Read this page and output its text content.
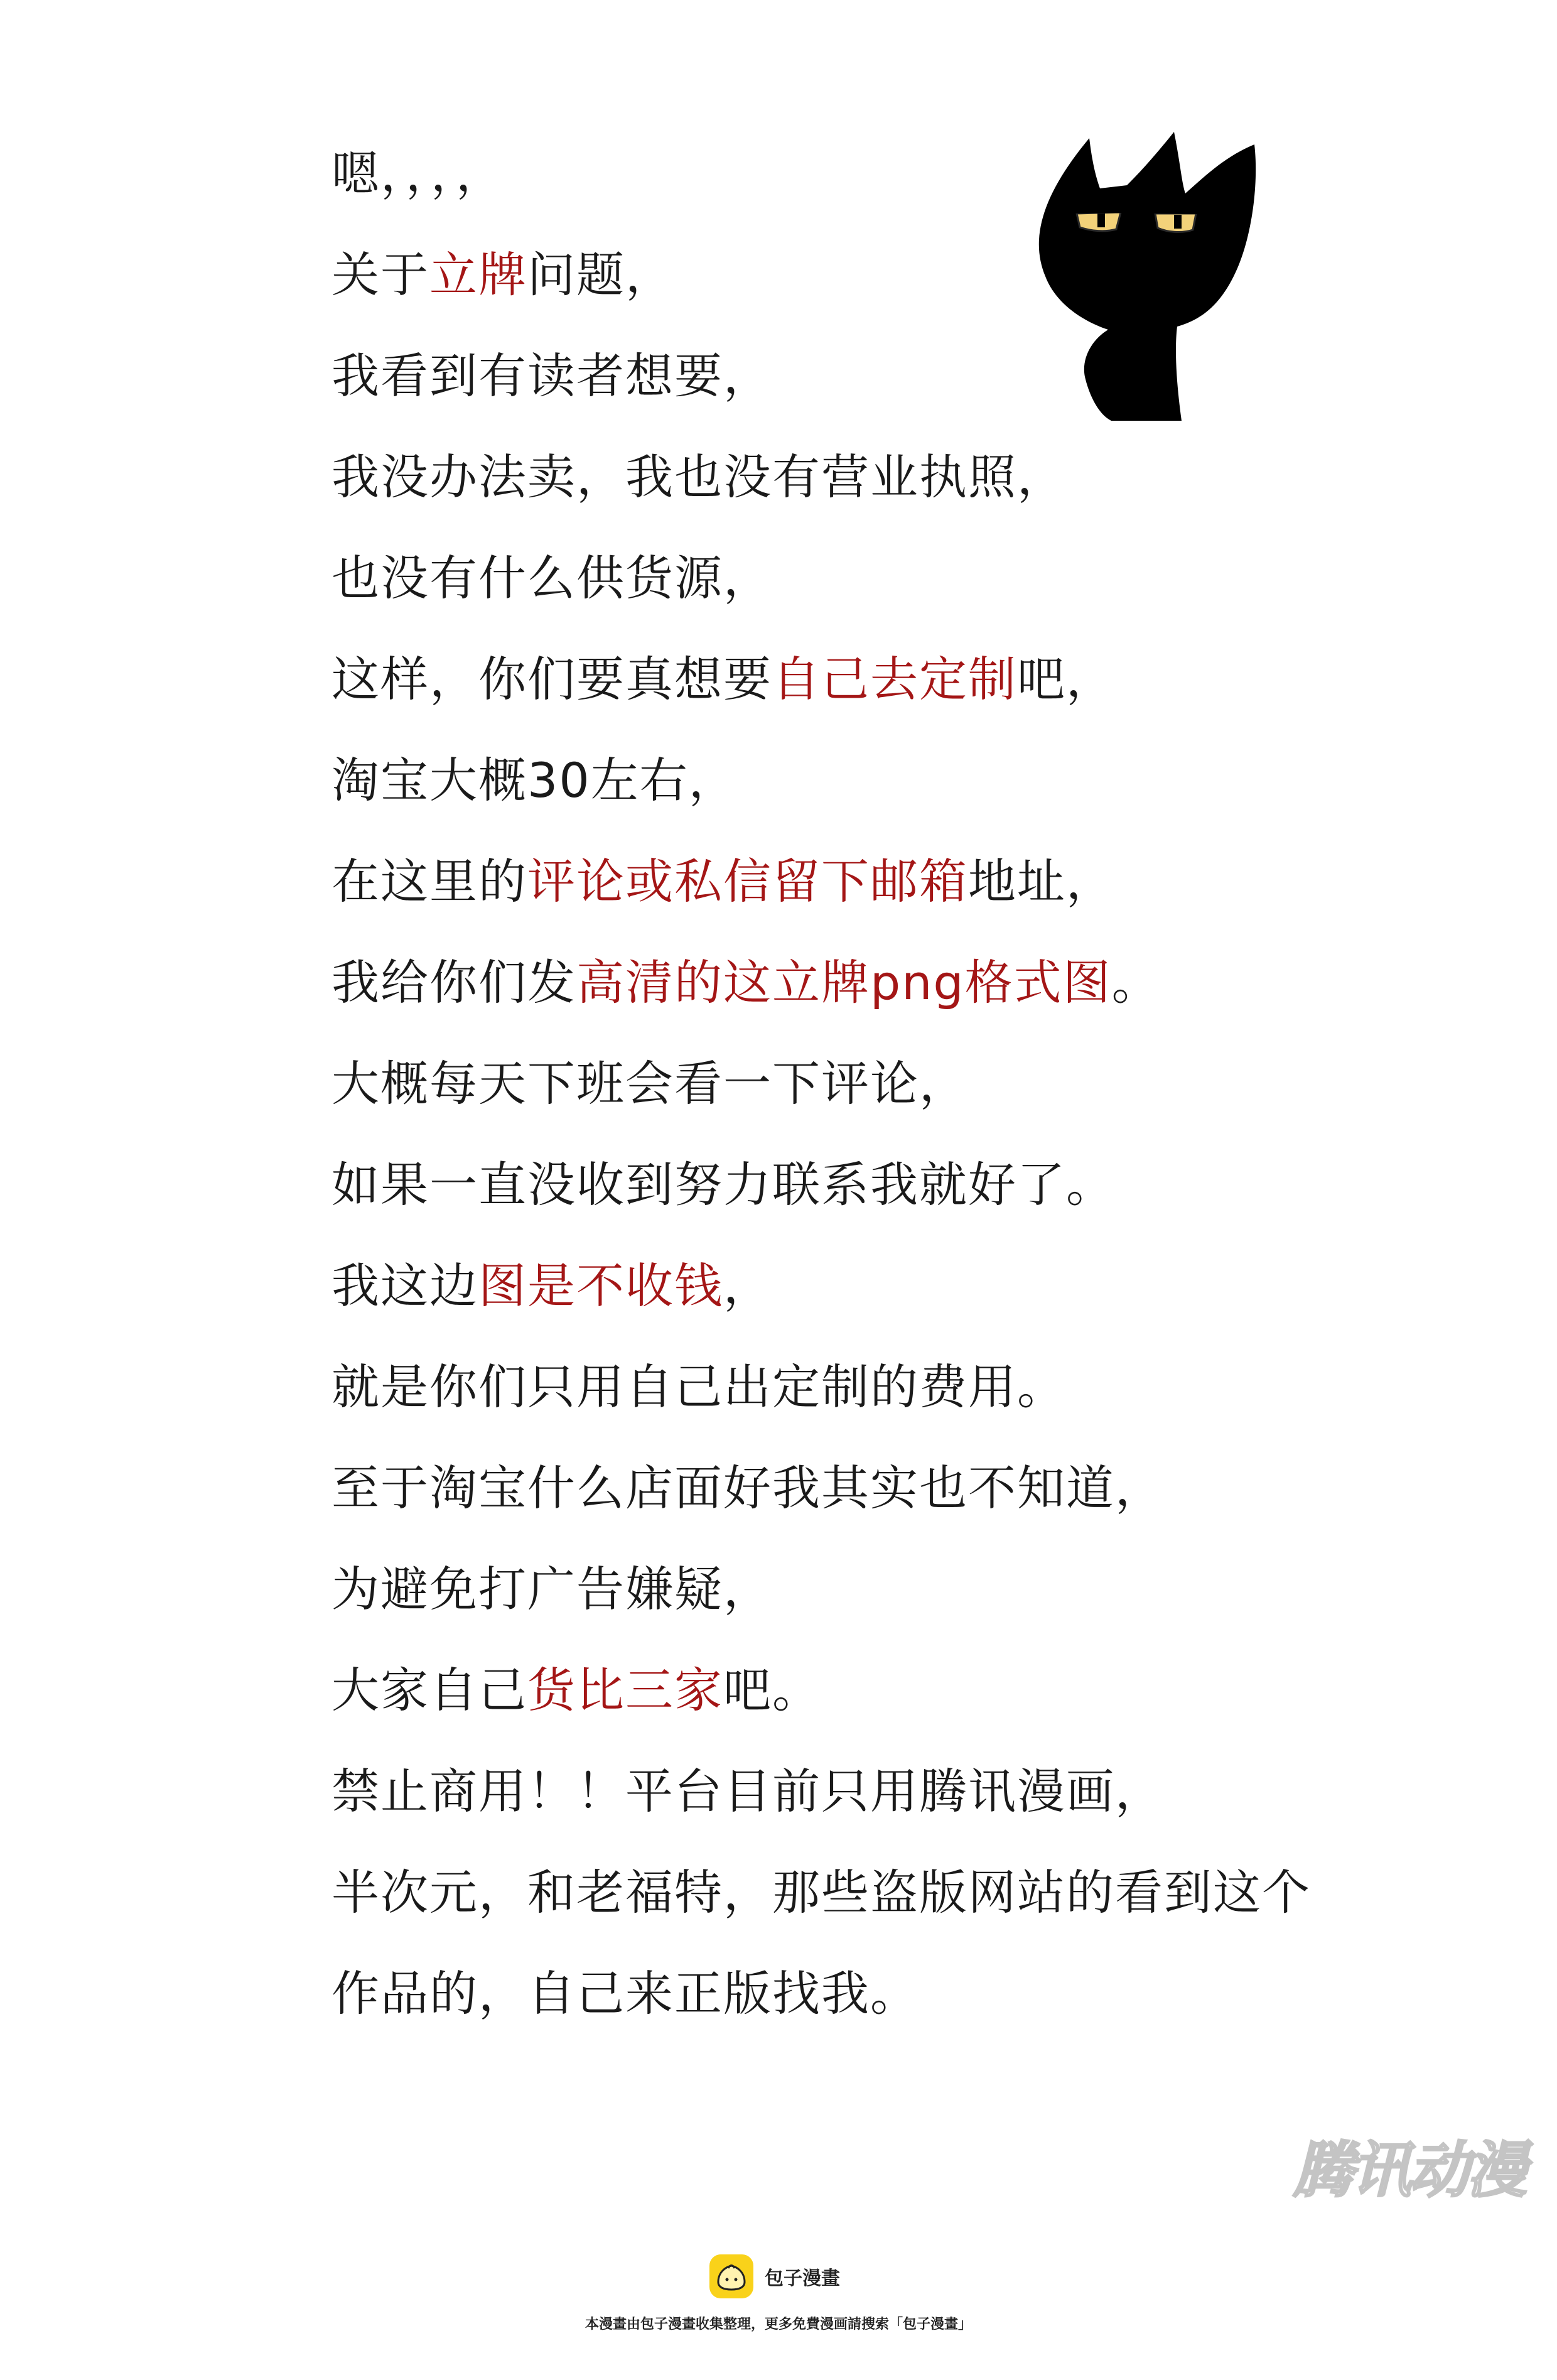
嗯，，，，
关于立牌问题，
我看到有读者想要，
我没办法卖，我也没有营业执照，
也没有什么供货源，
这样，你们要真想要自己去定制吧，
淘宝大概30左右，
在这里的评论或私信留下邮箱地址，
我给你们发高清的这立牌png格式图。
大概每天下班会看一下评论，
如果一直没收到努力联系我就好了。
我这边图是不收钱，
就是你们只用自己出定制的费用。
至于淘宝什么店面好我其实也不知道，
为避免打广告嫌疑，
大家自己货比三家吧。
禁止商用！！平台目前只用腾讯漫画，
半次元，和老福特，那些盗版网站的看到这个
作品的，自己来正版找我。
腾讯动漫
包子漫畫
本漫畫由包子漫畫收集整理，更多免費漫画請搜索「包子漫畫」
